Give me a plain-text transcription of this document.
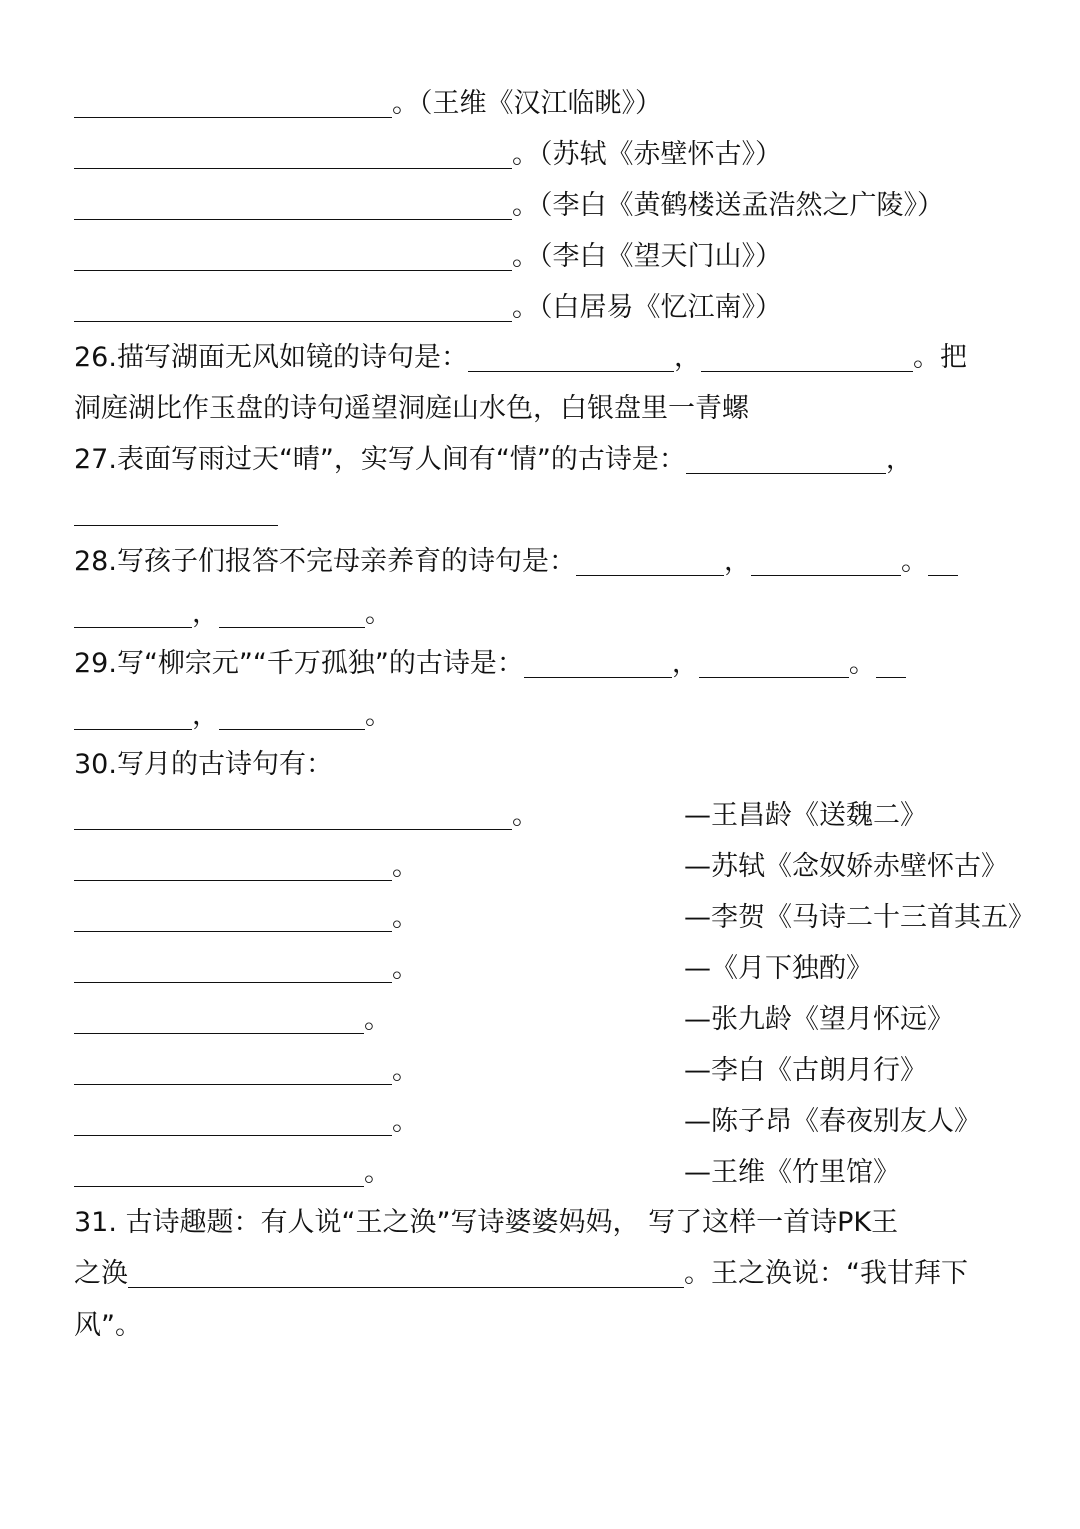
。（王维《汉江临眺》）
。（苏轼《赤壁怀古》）
。（李白《黄鹤楼送孟浩然之广陵》）
。（李白《望天门山》）
。（白居易《忆江南》）
26.描写湖面无风如镜的诗句是：	，	。把
洞庭湖比作玉盘的诗句遥望洞庭山水色，白银盘里一青螺
27.表面写雨过天“晴”，实写人间有“情”的古诗是：	，
28.写孩子们报答不完母亲养育的诗句是：	，	。
，	。
29.写“柳宗元”“千万孤独”的古诗是：	，	。
，	。
30.写月的古诗句有：
。	—王昌龄《送魏二》
。	—苏轼《念奴娇赤壁怀古》
。	—李贺《马诗二十三首其五》
。	—《月下独酌》
。	—张九龄《望月怀远》
。	—李白《古朗月行》
。	—陈子昂《春夜别友人》
。	—王维《竹里馆》
31. 古诗趣题：有人说“王之涣”写诗婆婆妈妈， 写了这样一首诗PK王
之涣	。王之涣说：“我甘拜下
风”。
